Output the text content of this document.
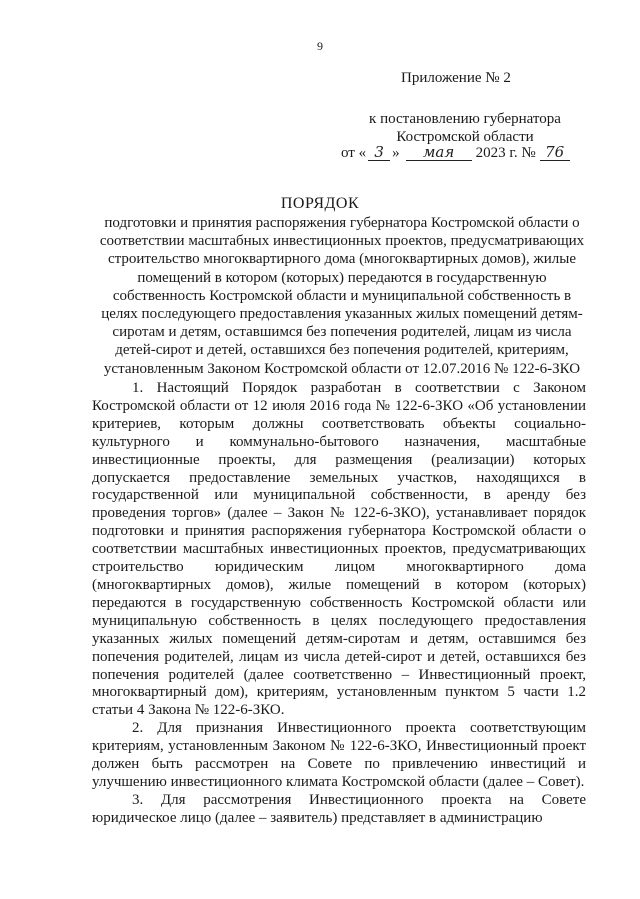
9
Приложение № 2
к постановлению губернатора
Костромской области
от « 3 » мая 2023 г. № 76
ПОРЯДОК
подготовки и принятия распоряжения губернатора Костромской области о соответствии масштабных инвестиционных проектов, предусматривающих строительство многоквартирного дома (многоквартирных домов), жилые помещений в котором (которых) передаются в государственную собственность Костромской области и муниципальной собственность в целях последующего предоставления указанных жилых помещений детям-сиротам и детям, оставшимся без попечения родителей, лицам из числа детей-сирот и детей, оставшихся без попечения родителей, критериям, установленным Законом Костромской области от 12.07.2016 № 122-6-ЗКО

1. Настоящий Порядок разработан в соответствии с Законом Костромской области от 12 июля 2016 года № 122-6-ЗКО «Об установлении критериев, которым должны соответствовать объекты социально-культурного и коммунально-бытового назначения, масштабные инвестиционные проекты, для размещения (реализации) которых допускается предоставление земельных участков, находящихся в государственной или муниципальной собственности, в аренду без проведения торгов» (далее – Закон № 122-6-ЗКО), устанавливает порядок подготовки и принятия распоряжения губернатора Костромской области о соответствии масштабных инвестиционных проектов, предусматривающих строительство юридическим лицом многоквартирного дома (многоквартирных домов), жилые помещений в котором (которых) передаются в государственную собственность Костромской области или муниципальную собственность в целях последующего предоставления указанных жилых помещений детям-сиротам и детям, оставшимся без попечения родителей, лицам из числа детей-сирот и детей, оставшихся без попечения родителей (далее соответственно – Инвестиционный проект, многоквартирный дом), критериям, установленным пунктом 5 части 1.2 статьи 4 Закона № 122-6-ЗКО.

2. Для признания Инвестиционного проекта соответствующим критериям, установленным Законом № 122-6-ЗКО, Инвестиционный проект должен быть рассмотрен на Совете по привлечению инвестиций и улучшению инвестиционного климата Костромской области (далее – Совет).

3. Для рассмотрения Инвестиционного проекта на Совете юридическое лицо (далее – заявитель) представляет в администрацию
